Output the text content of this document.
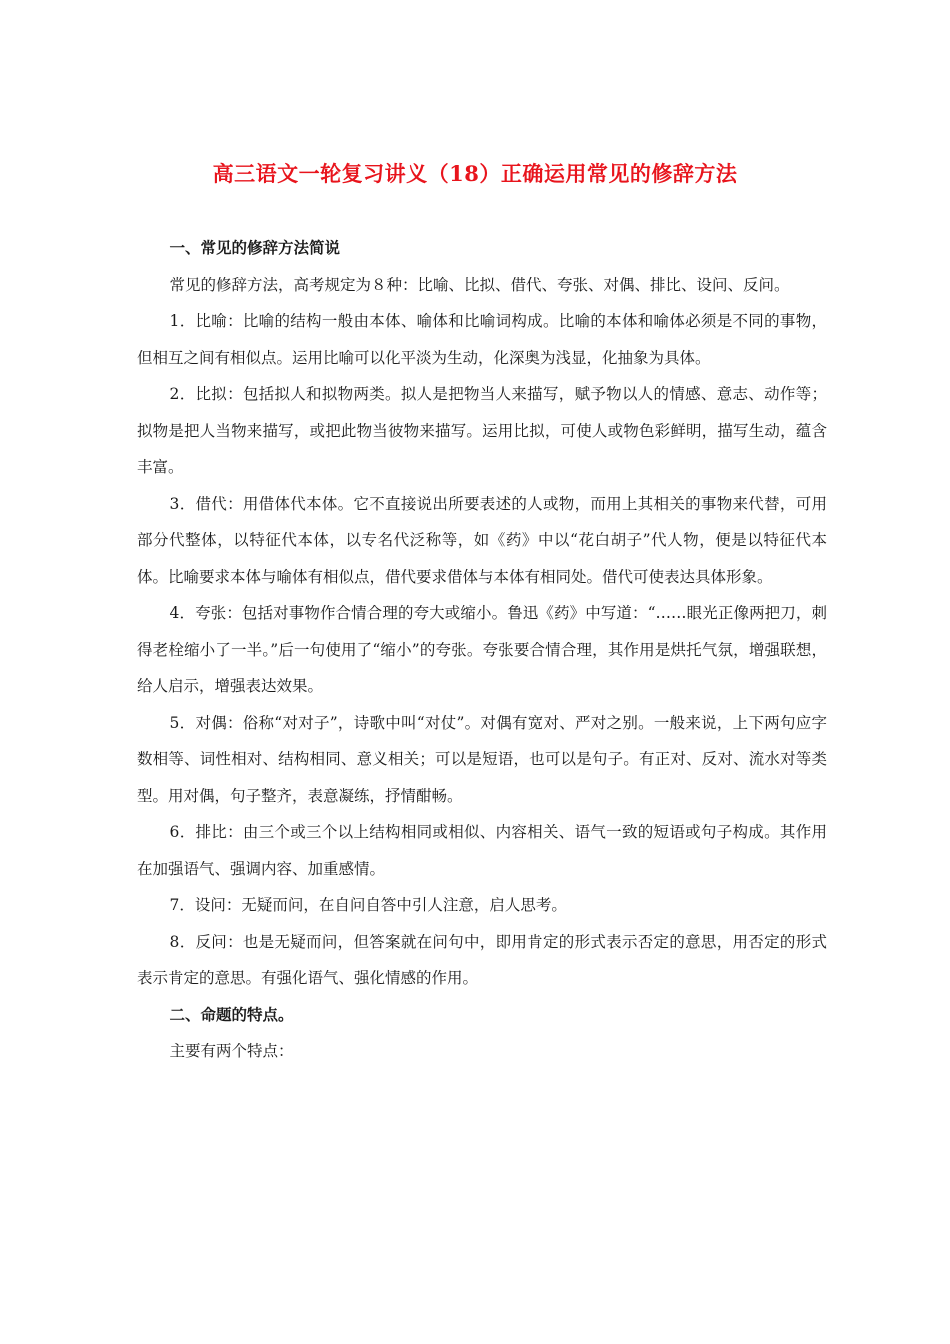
高三语文一轮复习讲义（18）正确运用常见的修辞方法

一、常见的修辞方法简说

常见的修辞方法，高考规定为８种：比喻、比拟、借代、夸张、对偶、排比、设问、反问。

1．比喻：比喻的结构一般由本体、喻体和比喻词构成。比喻的本体和喻体必须是不同的事物，但相互之间有相似点。运用比喻可以化平淡为生动，化深奥为浅显，化抽象为具体。

2．比拟：包括拟人和拟物两类。拟人是把物当人来描写，赋予物以人的情感、意志、动作等；拟物是把人当物来描写，或把此物当彼物来描写。运用比拟，可使人或物色彩鲜明，描写生动，蕴含丰富。

3．借代：用借体代本体。它不直接说出所要表述的人或物，而用上其相关的事物来代替，可用部分代整体，以特征代本体，以专名代泛称等，如《药》中以“花白胡子”代人物，便是以特征代本体。比喻要求本体与喻体有相似点，借代要求借体与本体有相同处。借代可使表达具体形象。

4．夸张：包括对事物作合情合理的夸大或缩小。鲁迅《药》中写道：“……眼光正像两把刀，刺得老栓缩小了一半。”后一句使用了“缩小”的夸张。夸张要合情合理，其作用是烘托气氛，增强联想，给人启示，增强表达效果。

5．对偶：俗称“对对子”，诗歌中叫“对仗”。对偶有宽对、严对之别。一般来说，上下两句应字数相等、词性相对、结构相同、意义相关；可以是短语，也可以是句子。有正对、反对、流水对等类型。用对偶，句子整齐，表意凝练，抒情酣畅。

6．排比：由三个或三个以上结构相同或相似、内容相关、语气一致的短语或句子构成。其作用在加强语气、强调内容、加重感情。

7．设问：无疑而问，在自问自答中引人注意，启人思考。

8．反问：也是无疑而问，但答案就在问句中，即用肯定的形式表示否定的意思，用否定的形式表示肯定的意思。有强化语气、强化情感的作用。

二、命题的特点。

主要有两个特点：
